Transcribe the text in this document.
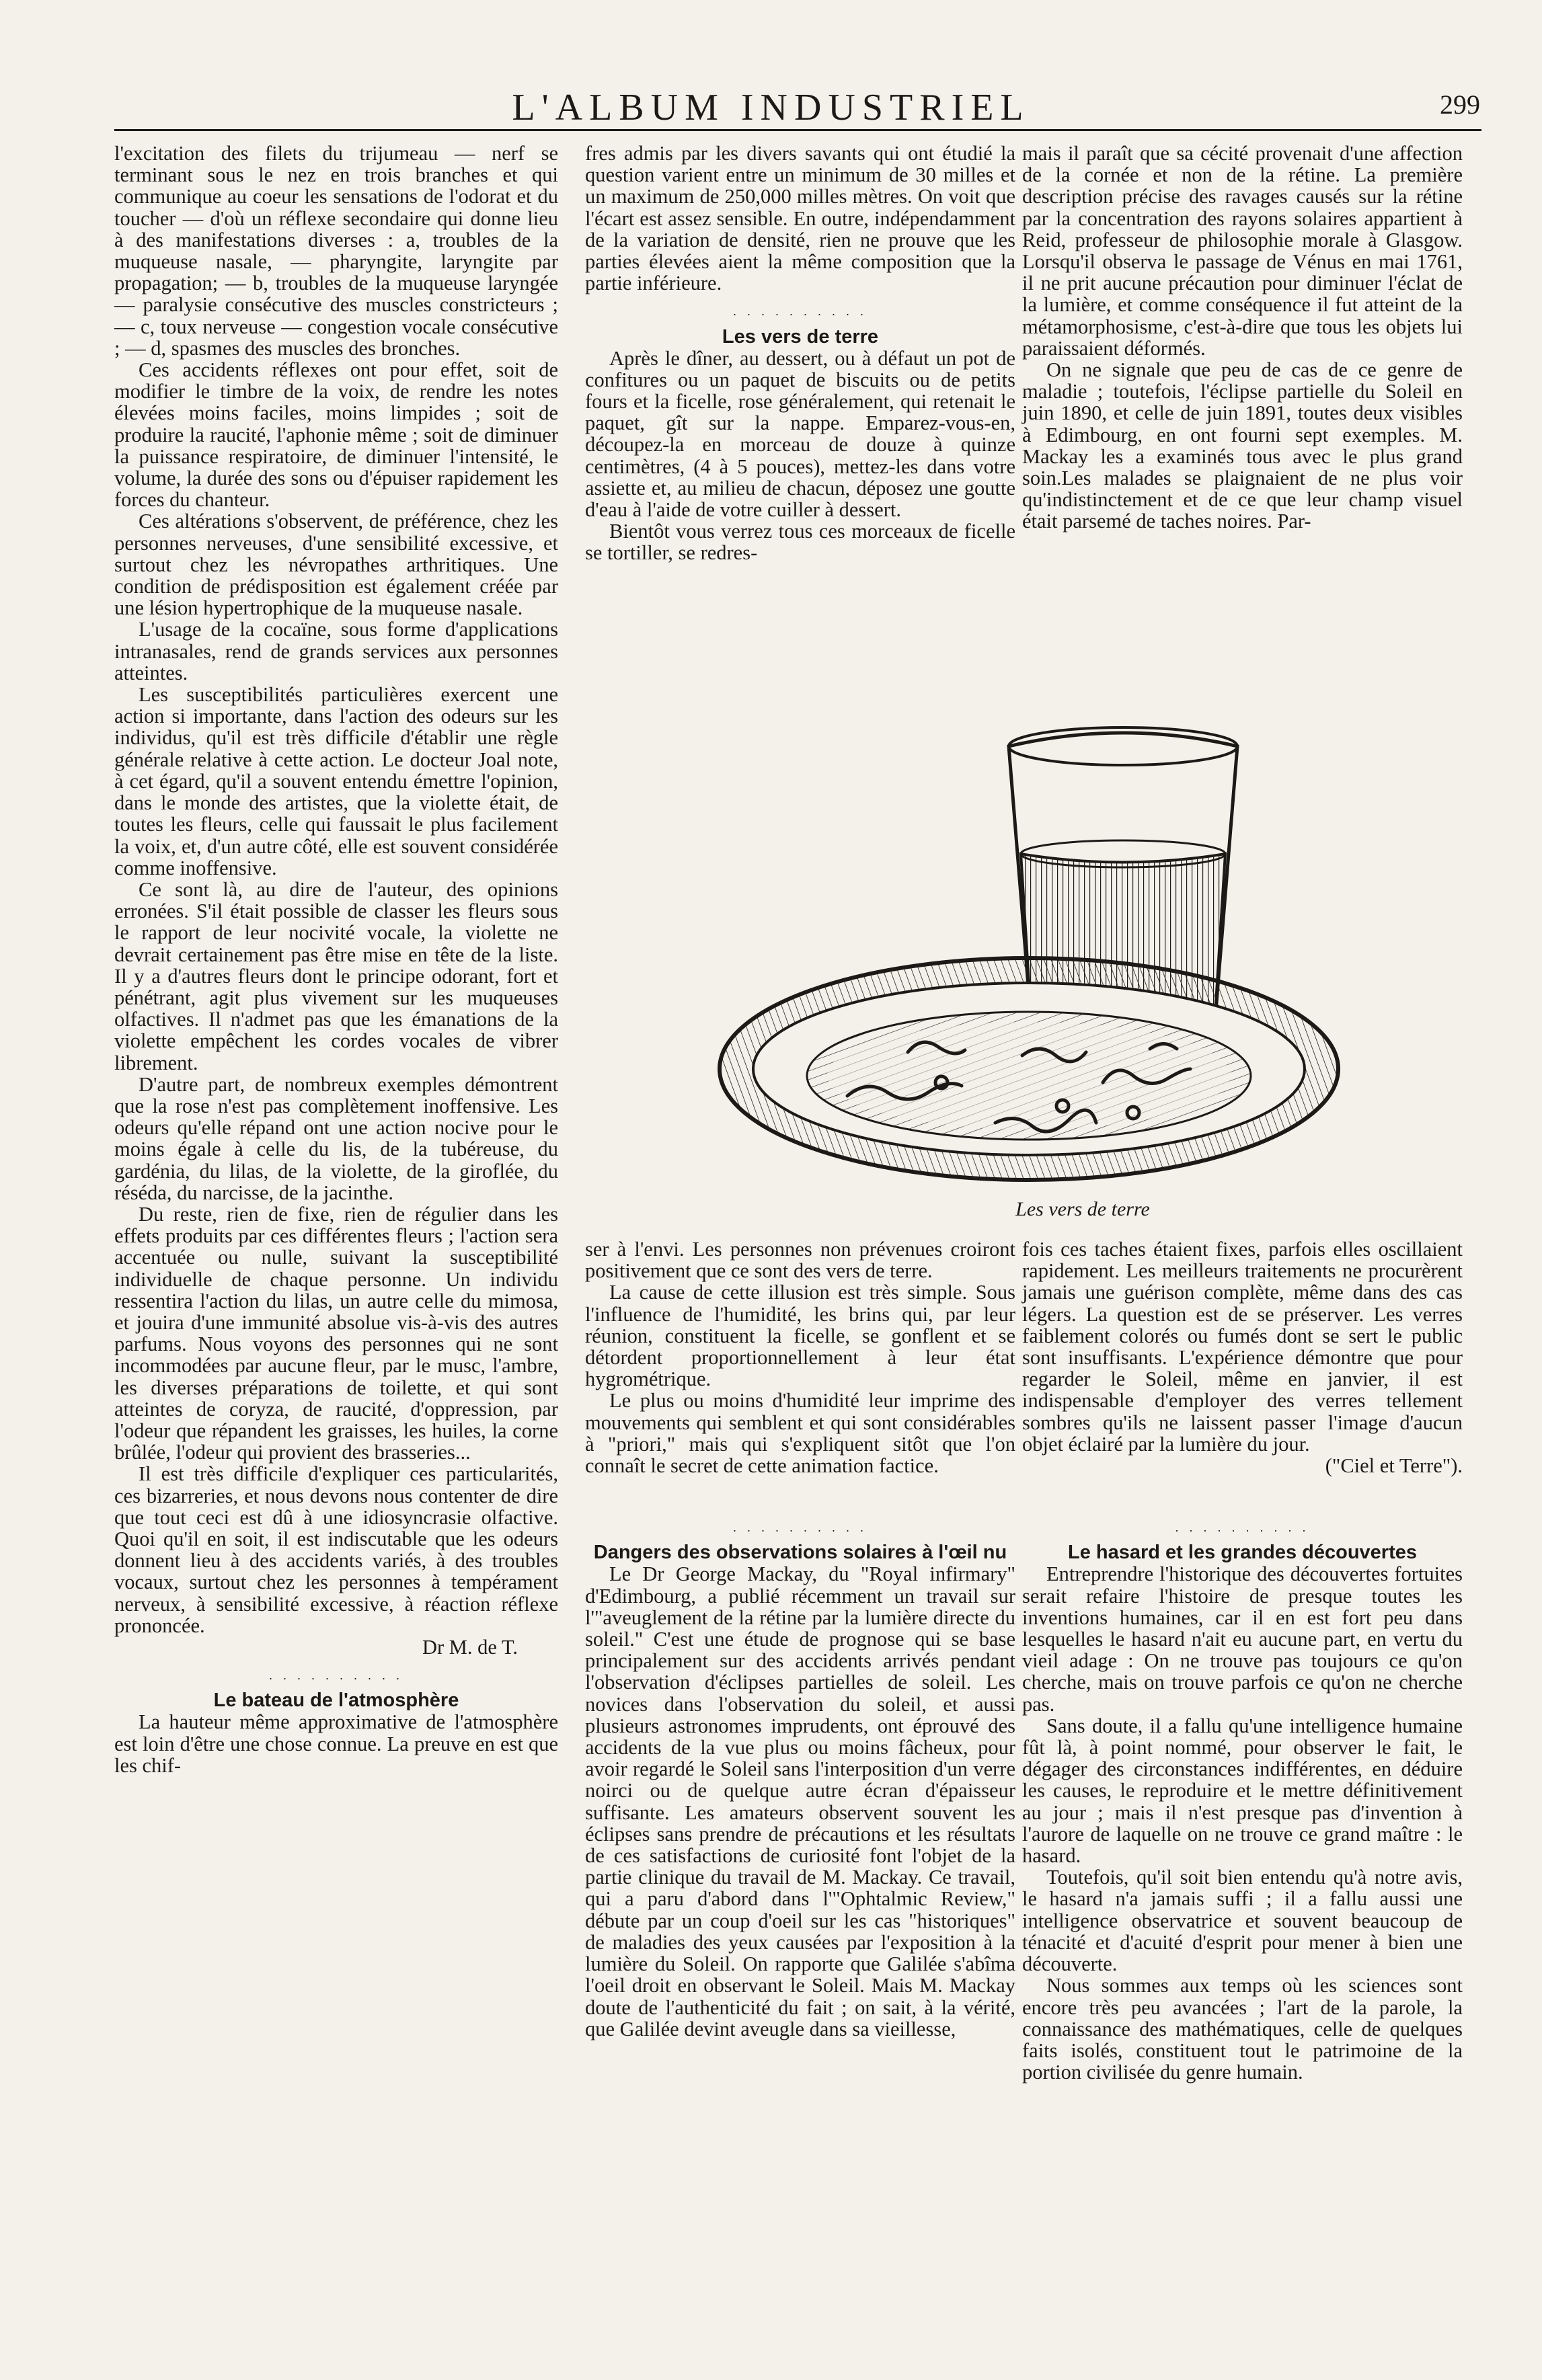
L'ALBUM INDUSTRIEL	299

l'excitation des filets du trijumeau — nerf se terminant sous le nez en trois branches et qui communique au coeur les sensations de l'odorat et du toucher — d'où un réflexe secondaire qui donne lieu à des manifestations diverses : a, troubles de la muqueuse nasale, — pharyngite, laryngite par propagation; — b, troubles de la muqueuse laryngée — paralysie consécutive des muscles constricteurs ; — c, toux nerveuse — congestion vocale consécutive ; — d, spasmes des muscles des bronches.

Ces accidents réflexes ont pour effet, soit de modifier le timbre de la voix, de rendre les notes élevées moins faciles, moins limpides ; soit de produire la raucité, l'aphonie même ; soit de diminuer la puissance respiratoire, de diminuer l'intensité, le volume, la durée des sons ou d'épuiser rapidement les forces du chanteur.

Ces altérations s'observent, de préférence, chez les personnes nerveuses, d'une sensibilité excessive, et surtout chez les névropathes arthritiques. Une condition de prédisposition est également créée par une lésion hypertrophique de la muqueuse nasale.

L'usage de la cocaïne, sous forme d'applications intranasales, rend de grands services aux personnes atteintes.

Les susceptibilités particulières exercent une action si importante, dans l'action des odeurs sur les individus, qu'il est très difficile d'établir une règle générale relative à cette action. Le docteur Joal note, à cet égard, qu'il a souvent entendu émettre l'opinion, dans le monde des artistes, que la violette était, de toutes les fleurs, celle qui faussait le plus facilement la voix, et, d'un autre côté, elle est souvent considérée comme inoffensive.

Ce sont là, au dire de l'auteur, des opinions erronées. S'il était possible de classer les fleurs sous le rapport de leur nocivité vocale, la violette ne devrait certainement pas être mise en tête de la liste. Il y a d'autres fleurs dont le principe odorant, fort et pénétrant, agit plus vivement sur les muqueuses olfactives. Il n'admet pas que les émanations de la violette empêchent les cordes vocales de vibrer librement.

D'autre part, de nombreux exemples démontrent que la rose n'est pas complètement inoffensive. Les odeurs qu'elle répand ont une action nocive pour le moins égale à celle du lis, de la tubéreuse, du gardénia, du lilas, de la violette, de la giroflée, du réséda, du narcisse, de la jacinthe.

Du reste, rien de fixe, rien de régulier dans les effets produits par ces différentes fleurs ; l'action sera accentuée ou nulle, suivant la susceptibilité individuelle de chaque personne. Un individu ressentira l'action du lilas, un autre celle du mimosa, et jouira d'une immunité absolue vis-à-vis des autres parfums. Nous voyons des personnes qui ne sont incommodées par aucune fleur, par le musc, l'ambre, les diverses préparations de toilette, et qui sont atteintes de coryza, de raucité, d'oppression, par l'odeur que répandent les graisses, les huiles, la corne brûlée, l'odeur qui provient des brasseries...

Il est très difficile d'expliquer ces particularités, ces bizarreries, et nous devons nous contenter de dire que tout ceci est dû à une idiosyncrasie olfactive. Quoi qu'il en soit, il est indiscutable que les odeurs donnent lieu à des accidents variés, à des troubles vocaux, surtout chez les personnes à tempérament nerveux, à sensibilité excessive, à réaction réflexe prononcée.

Dr M. de T.

. . . . . . . . . .

Le bateau de l'atmosphère

La hauteur même approximative de l'atmosphère est loin d'être une chose connue. La preuve en est que les chif-

fres admis par les divers savants qui ont étudié la question varient entre un minimum de 30 milles et un maximum de 250,000 milles mètres. On voit que l'écart est assez sensible. En outre, indépendamment de la variation de densité, rien ne prouve que les parties élevées aient la même composition que la partie inférieure.

. . . . . . . . . .

Les vers de terre

Après le dîner, au dessert, ou à défaut un pot de confitures ou un paquet de biscuits ou de petits fours et la ficelle, rose généralement, qui retenait le paquet, gît sur la nappe. Emparez-vous-en, découpez-la en morceau de douze à quinze centimètres, (4 à 5 pouces), mettez-les dans votre assiette et, au milieu de chacun, déposez une goutte d'eau à l'aide de votre cuiller à dessert.

Bientôt vous verrez tous ces morceaux de ficelle se tortiller, se redres-

mais il paraît que sa cécité provenait d'une affection de la cornée et non de la rétine. La première description précise des ravages causés sur la rétine par la concentration des rayons solaires appartient à Reid, professeur de philosophie morale à Glasgow. Lorsqu'il observa le passage de Vénus en mai 1761, il ne prit aucune précaution pour diminuer l'éclat de la lumière, et comme conséquence il fut atteint de la métamorphosisme, c'est-à-dire que tous les objets lui paraissaient déformés.

On ne signale que peu de cas de ce genre de maladie ; toutefois, l'éclipse partielle du Soleil en juin 1890, et celle de juin 1891, toutes deux visibles à Edimbourg, en ont fourni sept exemples. M. Mackay les a examinés tous avec le plus grand soin.Les malades se plaignaient de ne plus voir qu'indistinctement et de ce que leur champ visuel était parsemé de taches noires. Par-

Les vers de terre

ser à l'envi. Les personnes non prévenues croiront positivement que ce sont des vers de terre.

La cause de cette illusion est très simple. Sous l'influence de l'humidité, les brins qui, par leur réunion, constituent la ficelle, se gonflent et se détordent proportionnellement à leur état hygrométrique.

Le plus ou moins d'humidité leur imprime des mouvements qui semblent et qui sont considérables à "priori," mais qui s'expliquent sitôt que l'on connaît le secret de cette animation factice.

. . . . . . . . . .

Dangers des observations solaires à l'œil nu

Le Dr George Mackay, du "Royal infirmary" d'Edimbourg, a publié récemment un travail sur l'"aveuglement de la rétine par la lumière directe du soleil." C'est une étude de prognose qui se base principalement sur des accidents arrivés pendant l'observation d'éclipses partielles de soleil. Les novices dans l'observation du soleil, et aussi plusieurs astronomes imprudents, ont éprouvé des accidents de la vue plus ou moins fâcheux, pour avoir regardé le Soleil sans l'interposition d'un verre noirci ou de quelque autre écran d'épaisseur suffisante. Les amateurs observent souvent les éclipses sans prendre de précautions et les résultats de ces satisfactions de curiosité font l'objet de la partie clinique du travail de M. Mackay. Ce travail, qui a paru d'abord dans l'"Ophtalmic Review," débute par un coup d'oeil sur les cas "historiques" de maladies des yeux causées par l'exposition à la lumière du Soleil. On rapporte que Galilée s'abîma l'oeil droit en observant le Soleil. Mais M. Mackay doute de l'authenticité du fait ; on sait, à la vérité, que Galilée devint aveugle dans sa vieillesse,

fois ces taches étaient fixes, parfois elles oscillaient rapidement. Les meilleurs traitements ne procurèrent jamais une guérison complète, même dans des cas légers. La question est de se préserver. Les verres faiblement colorés ou fumés dont se sert le public sont insuffisants. L'expérience démontre que pour regarder le Soleil, même en janvier, il est indispensable d'employer des verres tellement sombres qu'ils ne laissent passer l'image d'aucun objet éclairé par la lumière du jour.

("Ciel et Terre").

. . . . . . . . . .

Le hasard et les grandes découvertes

Entreprendre l'historique des découvertes fortuites serait refaire l'histoire de presque toutes les inventions humaines, car il en est fort peu dans lesquelles le hasard n'ait eu aucune part, en vertu du vieil adage : On ne trouve pas toujours ce qu'on cherche, mais on trouve parfois ce qu'on ne cherche pas.

Sans doute, il a fallu qu'une intelligence humaine fût là, à point nommé, pour observer le fait, le dégager des circonstances indifférentes, en déduire les causes, le reproduire et le mettre définitivement au jour ; mais il n'est presque pas d'invention à l'aurore de laquelle on ne trouve ce grand maître : le hasard.

Toutefois, qu'il soit bien entendu qu'à notre avis, le hasard n'a jamais suffi ; il a fallu aussi une intelligence observatrice et souvent beaucoup de ténacité et d'acuité d'esprit pour mener à bien une découverte.

Nous sommes aux temps où les sciences sont encore très peu avancées ; l'art de la parole, la connaissance des mathématiques, celle de quelques faits isolés, constituent tout le patrimoine de la portion civilisée du genre humain.
